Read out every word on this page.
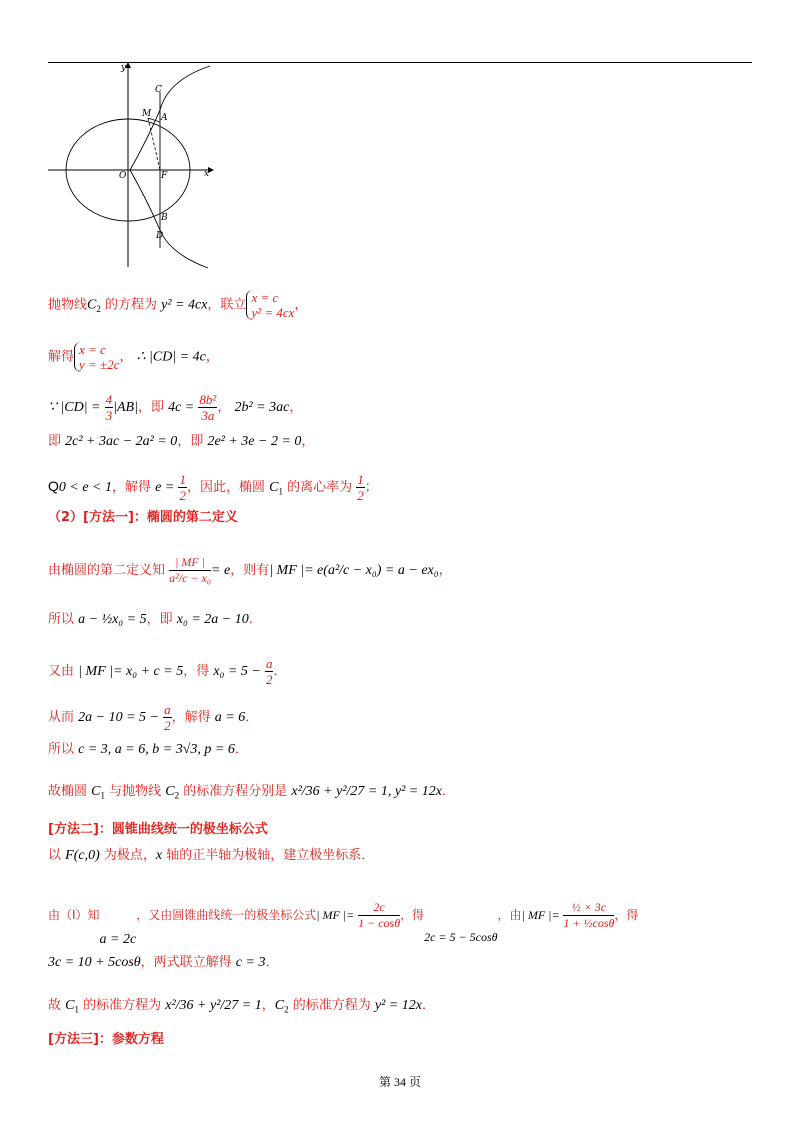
y
x
O	F
M
C
A
B
D
抛物线$C_2$ 的方程为 y² = 4cx，联立 x = c
y² = 4cx ，
解得 x = c
y = ±2c ， ∴ |CD| = 4c，
∵ $|CD| = \frac{4}{3} |AB|$，即 $4c = \frac{\text{8b²}}{3a}$ ， 2b² = 3ac，
即 2c² + 3ac − 2a² = 0，即 2e² + 3e − 2 = 0，
Q0 < e < 1，解得 $e = \frac{1}{2}$ ，因此，椭圆 $C_1$ 的离心率为 $\frac{1}{2}$ ；
（2）[方法一]：椭圆的第二定义
由椭圆的第二定义知 $\frac{| MF |}{\text{a²/c − x₀}} = e$，则有| MF |= e(a²/c − x₀) = a − ex₀，
所以 a − ½x₀ = 5，即 x₀ = 2a − 10．
又由 | MF |= x₀ + c = 5，得 $x_0 = 5 - \frac{a}{2}$ ．
从而 $2a - 10 = 5 - \frac{a}{2}$ ，解得 a = 6．
所以 c = 3, a = 6, b = 3√3, p = 6．
故椭圆 $C_1$ 与抛物线 $C_2$ 的标准方程分别是 x²/36 + y²/27 = 1, y² = 12x．
[方法二]：圆锥曲线统一的极坐标公式
以 F(c,0) 为极点，x 轴的正半轴为极轴，建立极坐标系．
由（Ⅰ）知a = 2c，又由圆锥曲线统一的极坐标公式| MF |= $\frac{2c}{1 - \cos\theta}$ ，得2c = 5 − 5cosθ，由| MF |= $\frac{\text{½ × 3c}}{\text{1 + ½cosθ}}$ ，得
3c = 10 + 5cosθ，两式联立解得 c = 3．
故 $C_1$ 的标准方程为 x²/36 + y²/27 = 1，$C_2$ 的标准方程为 y² = 12x．
[方法三]：参数方程
第 34 页
